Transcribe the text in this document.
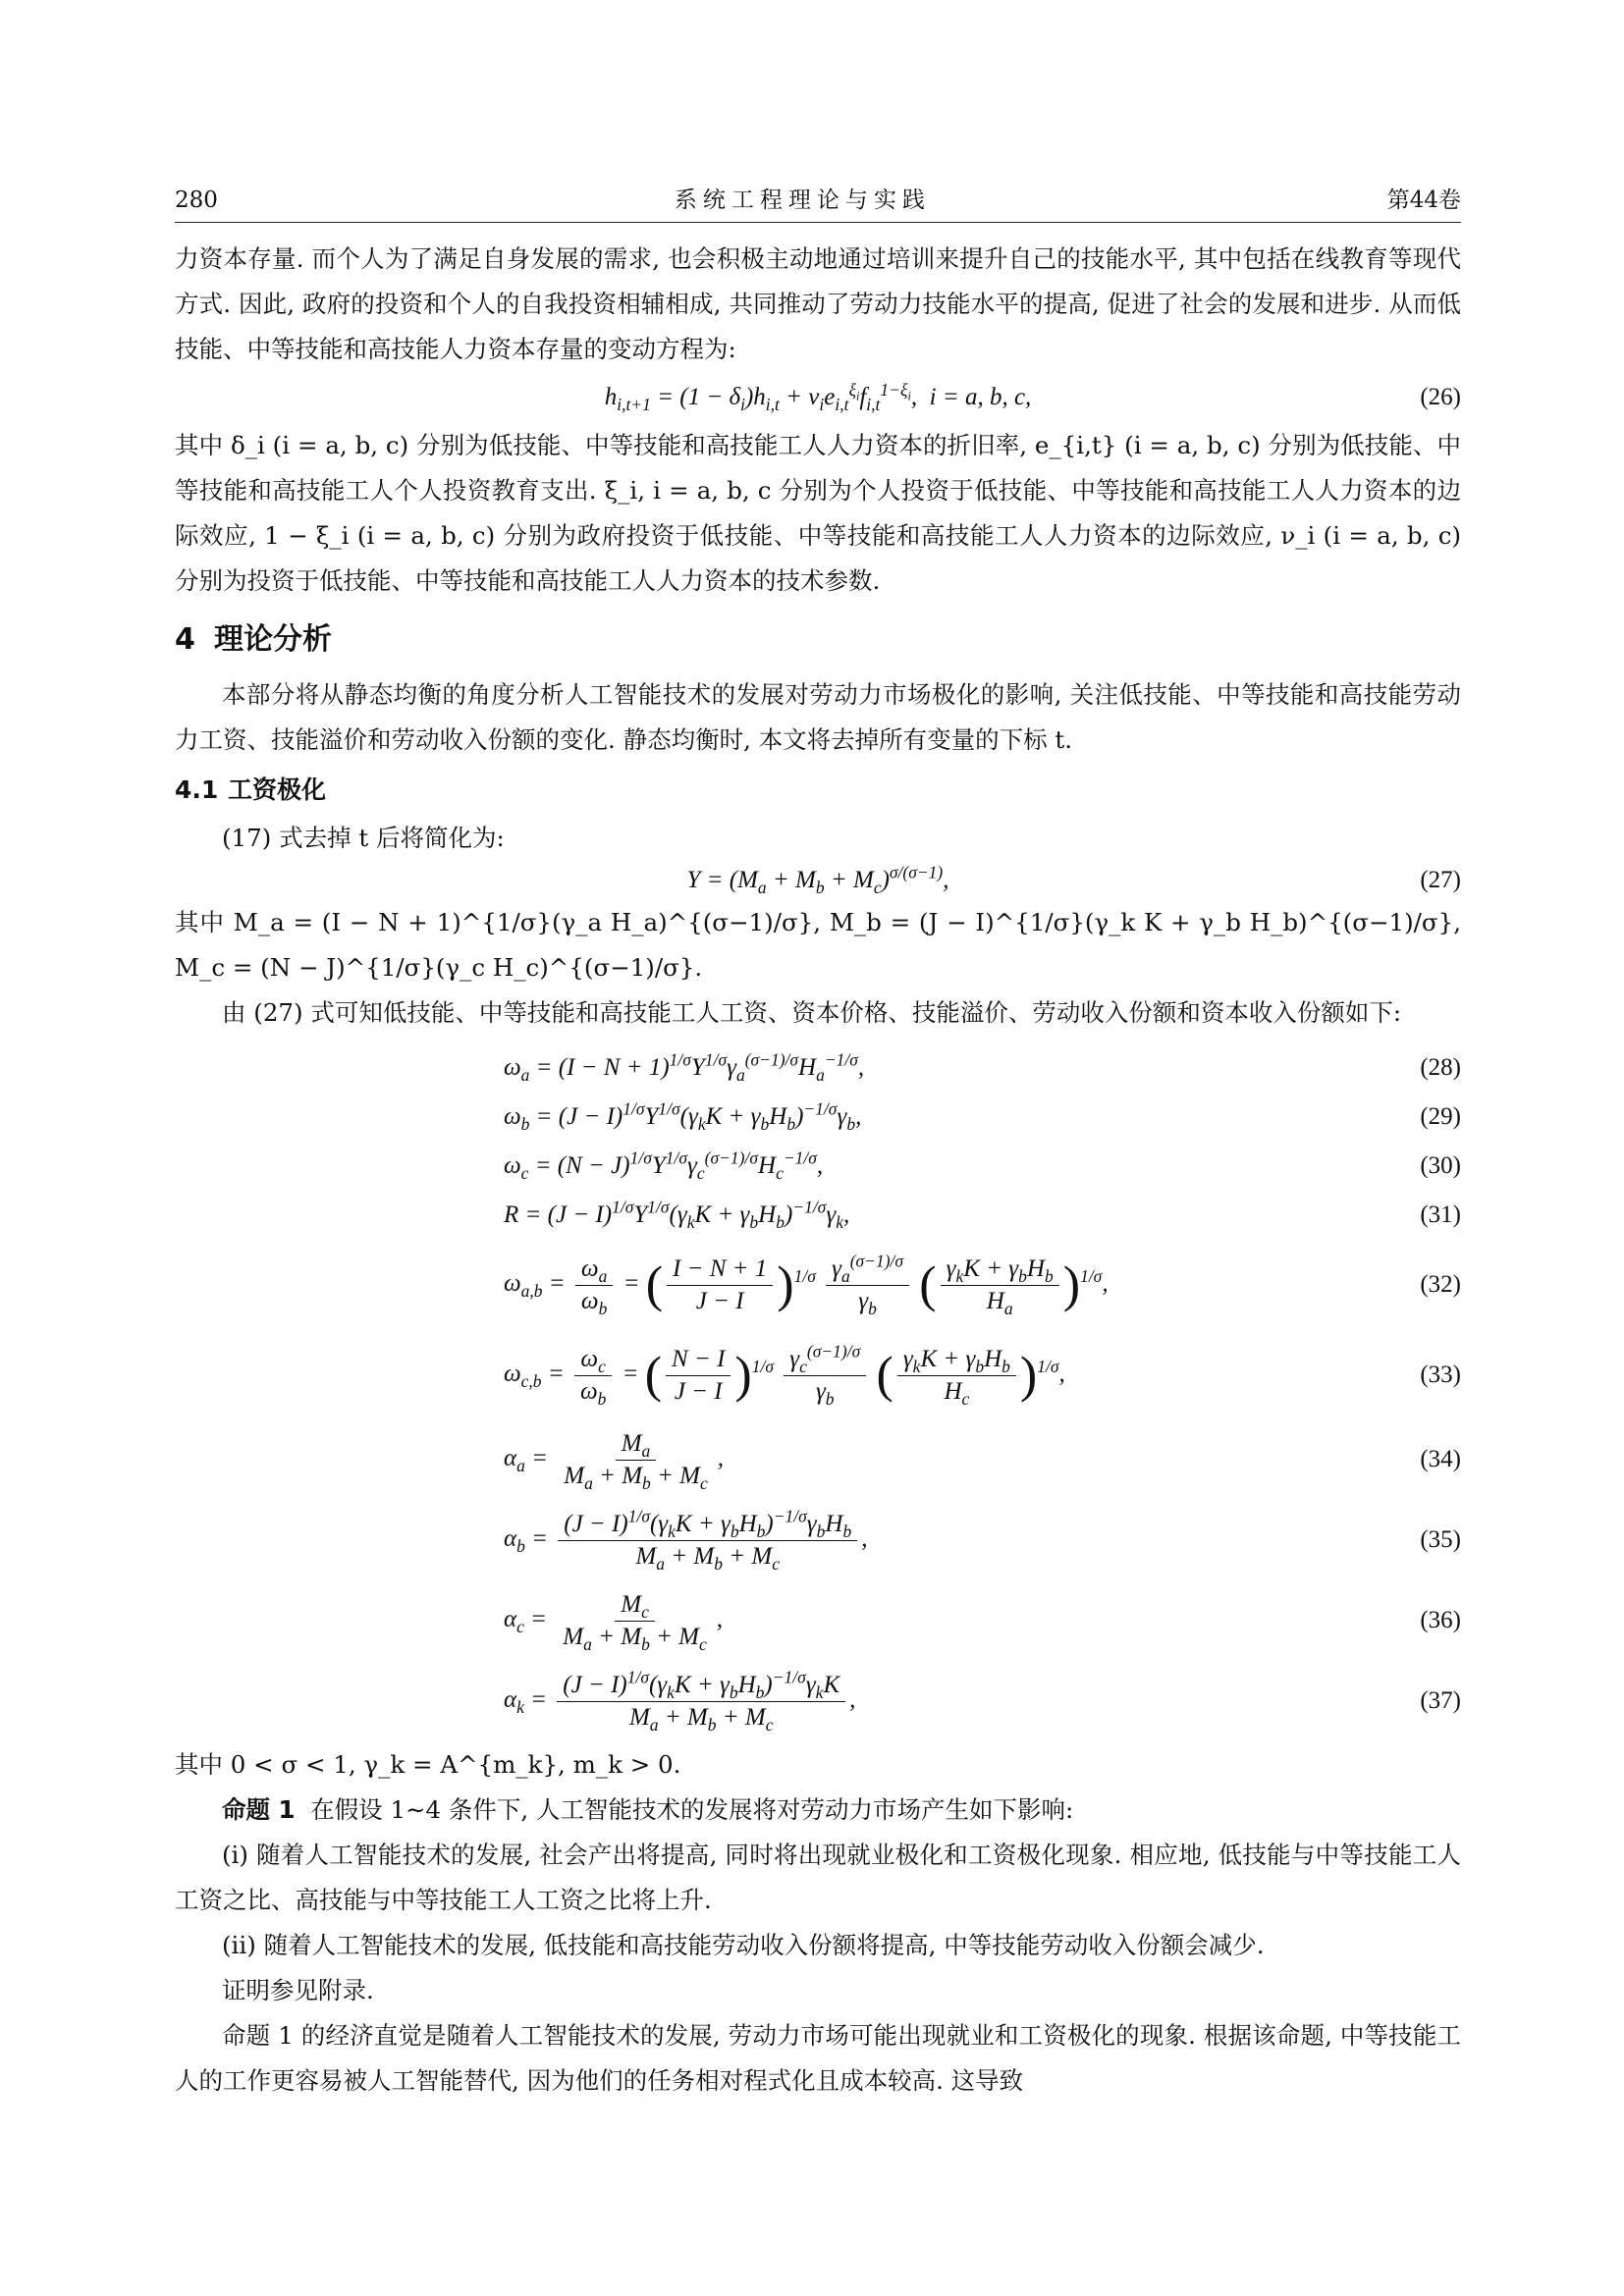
280	系统工程理论与实践	第44卷

力资本存量. 而个人为了满足自身发展的需求, 也会积极主动地通过培训来提升自己的技能水平, 其中包括在线教育等现代方式. 因此, 政府的投资和个人的自我投资相辅相成, 共同推动了劳动力技能水平的提高, 促进了社会的发展和进步. 从而低技能、中等技能和高技能人力资本存量的变动方程为:

$h_{i,t+1} = (1 - \delta_i)h_{i,t} + \nu_ie_{i,t}^{\xi_i}f_{i,t}^{1-\xi_i}$,  i = a, b, c,	(26)

其中 δ_i (i = a, b, c) 分别为低技能、中等技能和高技能工人人力资本的折旧率, e_{i,t} (i = a, b, c) 分别为低技能、中等技能和高技能工人个人投资教育支出. ξ_i, i = a, b, c 分别为个人投资于低技能、中等技能和高技能工人人力资本的边际效应, 1 − ξ_i (i = a, b, c) 分别为政府投资于低技能、中等技能和高技能工人人力资本的边际效应, ν_i (i = a, b, c) 分别为投资于低技能、中等技能和高技能工人人力资本的技术参数.

4 理论分析

本部分将从静态均衡的角度分析人工智能技术的发展对劳动力市场极化的影响, 关注低技能、中等技能和高技能劳动力工资、技能溢价和劳动收入份额的变化. 静态均衡时, 本文将去掉所有变量的下标 t.

4.1 工资极化

(17) 式去掉 t 后将简化为:

$Y = (M_a + M_b + M_c)^{\sigma/(\sigma-1)}$,	(27)

其中 M_a = (I − N + 1)^{1/σ}(γ_a H_a)^{(σ−1)/σ}, M_b = (J − I)^{1/σ}(γ_k K + γ_b H_b)^{(σ−1)/σ}, M_c = (N − J)^{1/σ}(γ_c H_c)^{(σ−1)/σ}.

由 (27) 式可知低技能、中等技能和高技能工人工资、资本价格、技能溢价、劳动收入份额和资本收入份额如下:

$\omega_a = (I - N + 1)^{1/\sigma}Y^{1/\sigma}\gamma_a^{(\sigma-1)/\sigma}H_a^{-1/\sigma}$,	(28)
$\omega_b = (J - I)^{1/\sigma}Y^{1/\sigma}(\gamma_kK + \gamma_bH_b)^{-1/\sigma}\gamma_b$,	(29)
$\omega_c = (N - J)^{1/\sigma}Y^{1/\sigma}\gamma_c^{(\sigma-1)/\sigma}H_c^{-1/\sigma}$,	(30)
$R = (J - I)^{1/\sigma}Y^{1/\sigma}(\gamma_kK + \gamma_bH_b)^{-1/\sigma}\gamma_k$,	(31)
$\omega_{a,b} = \frac{\omega_a}{\omega_b}$ = ( $\frac{I - N + 1}{J - I} )^{1/\sigma} \frac{\gamma_a^{(\sigma-1)/\sigma}}{\gamma_b}$ ( $\frac{\gamma_kK + \gamma_bH_b}{H_a} )^{1/\sigma}$,	(32)
$\omega_{c,b} = \frac{\omega_c}{\omega_b}$ = ( $\frac{N - I}{J - I} )^{1/\sigma} \frac{\gamma_c^{(\sigma-1)/\sigma}}{\gamma_b}$ ( $\frac{\gamma_kK + \gamma_bH_b}{H_c} )^{1/\sigma}$,	(33)
$\alpha_a = \frac{M_a}{M_a + M_b + M_c}$ ,	(34)
$\alpha_b = \frac{(J - I)^{1/\sigma}(\gamma_kK + \gamma_bH_b)^{-1/\sigma}\gamma_bH_b}{M_a + M_b + M_c}$ ,	(35)
$\alpha_c = \frac{M_c}{M_a + M_b + M_c}$ ,	(36)
$\alpha_k = \frac{(J - I)^{1/\sigma}(\gamma_kK + \gamma_bH_b)^{-1/\sigma}\gamma_kK}{M_a + M_b + M_c}$ ,	(37)

其中 0 < σ < 1, γ_k = A^{m_k}, m_k > 0.

命题 1 在假设 1∼4 条件下, 人工智能技术的发展将对劳动力市场产生如下影响:

(i) 随着人工智能技术的发展, 社会产出将提高, 同时将出现就业极化和工资极化现象. 相应地, 低技能与中等技能工人工资之比、高技能与中等技能工人工资之比将上升.

(ii) 随着人工智能技术的发展, 低技能和高技能劳动收入份额将提高, 中等技能劳动收入份额会减少.

证明参见附录.

命题 1 的经济直觉是随着人工智能技术的发展, 劳动力市场可能出现就业和工资极化的现象. 根据该命题, 中等技能工人的工作更容易被人工智能替代, 因为他们的任务相对程式化且成本较高. 这导致
